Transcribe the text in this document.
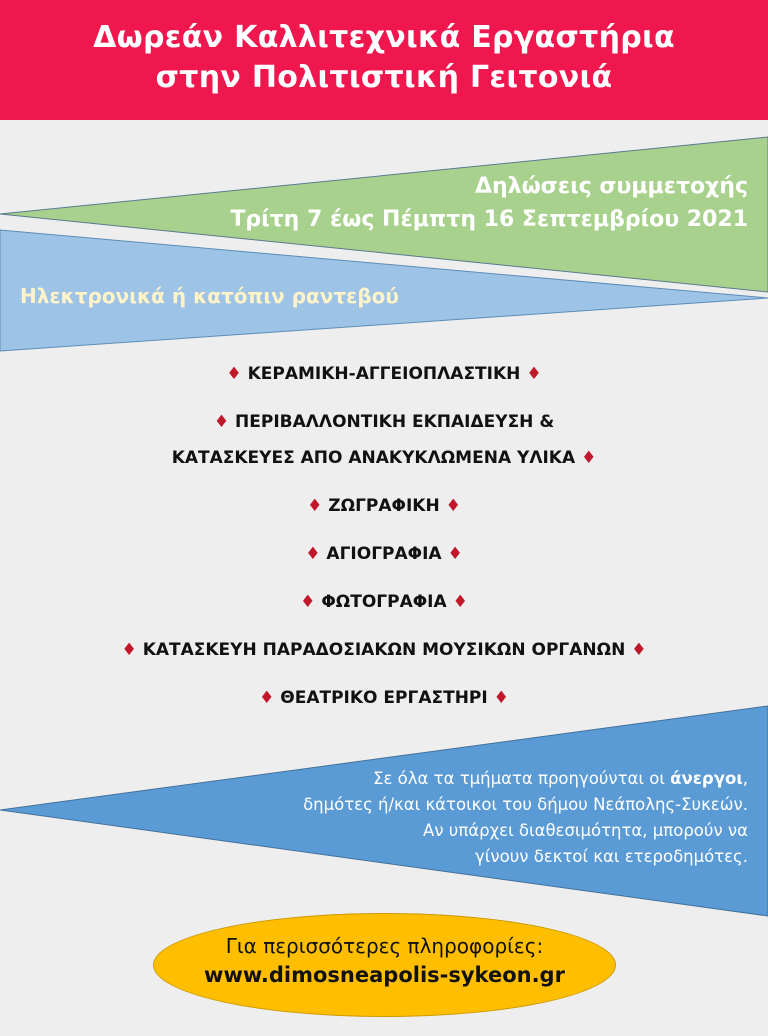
Δωρεάν Καλλιτεχνικά Εργαστήρια
στην Πολιτιστική Γειτονιά
Δηλώσεις συμμετοχής
Τρίτη 7 έως Πέμπτη 16 Σεπτεμβρίου 2021
Ηλεκτρονικά ή κατόπιν ραντεβού
♦ ΚΕΡΑΜΙΚΗ-ΑΓΓΕΙΟΠΛΑΣΤΙΚΗ ♦
♦ ΠΕΡΙΒΑΛΛΟΝΤΙΚΗ ΕΚΠΑΙΔΕΥΣΗ &
ΚΑΤΑΣΚΕΥΕΣ ΑΠΟ ΑΝΑΚΥΚΛΩΜΕΝΑ ΥΛΙΚΑ ♦
♦ ΖΩΓΡΑΦΙΚΗ ♦
♦ ΑΓΙΟΓΡΑΦΙΑ ♦
♦ ΦΩΤΟΓΡΑΦΙΑ ♦
♦ ΚΑΤΑΣΚΕΥΗ ΠΑΡΑΔΟΣΙΑΚΩΝ ΜΟΥΣΙΚΩΝ ΟΡΓΑΝΩΝ ♦
♦ ΘΕΑΤΡΙΚΟ ΕΡΓΑΣΤΗΡΙ ♦
Σε όλα τα τμήματα προηγούνται οι άνεργοι,
δημότες ή/και κάτοικοι του δήμου Νεάπολης-Συκεών.
Αν υπάρχει διαθεσιμότητα, μπορούν να
γίνουν δεκτοί και ετεροδημότες.
Για περισσότερες πληροφορίες:
www.dimosneapolis-sykeon.gr
